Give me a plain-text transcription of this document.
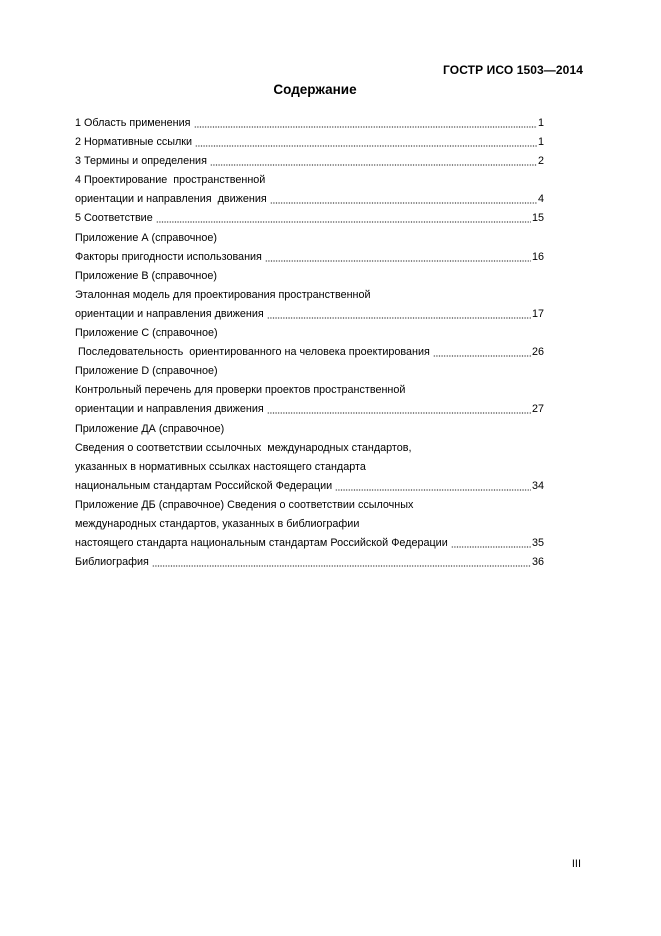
ГОСТР ИСО 1503—2014
Содержание
1 Область применения	1
2 Нормативные ссылки	1
3 Термины и определения	2
4 Проектирование  пространственной
ориентации и направления  движения	4
5 Соответствие	15
Приложение А (справочное)
Факторы пригодности использования	16
Приложение В (справочное)
Эталонная модель для проектирования пространственной
ориентации и направления движения	17
Приложение С (справочное)
Последовательность  ориентированного на человека проектирования	26
Приложение D (справочное)
Контрольный перечень для проверки проектов пространственной
ориентации и направления движения	27
Приложение ДА (справочное)
Сведения о соответствии ссылочных  международных стандартов,
указанных в нормативных ссылках настоящего стандарта
национальным стандартам Российской Федерации	34
Приложение ДБ (справочное) Сведения о соответствии ссылочных
международных стандартов, указанных в библиографии
настоящего стандарта национальным стандартам Российской Федерации	35
Библиография	36
III
